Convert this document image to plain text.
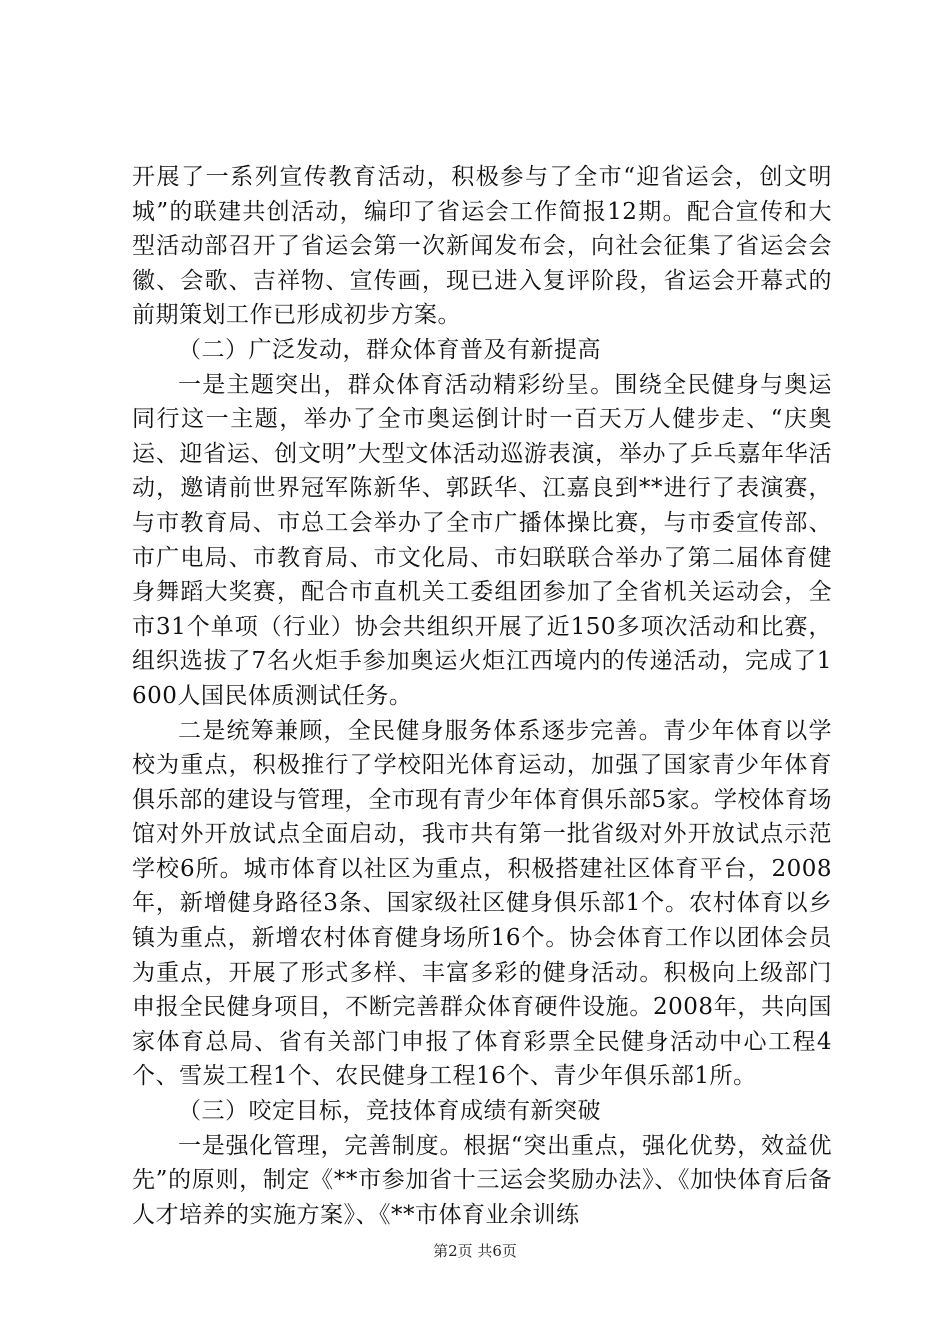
开展了一系列宣传教育活动，积极参与了全市“迎省运会，创文明城”的联建共创活动，编印了省运会工作简报12期。配合宣传和大型活动部召开了省运会第一次新闻发布会，向社会征集了省运会会徽、会歌、吉祥物、宣传画，现已进入复评阶段，省运会开幕式的前期策划工作已形成初步方案。

（二）广泛发动，群众体育普及有新提高

一是主题突出，群众体育活动精彩纷呈。围绕全民健身与奥运同行这一主题，举办了全市奥运倒计时一百天万人健步走、“庆奥运、迎省运、创文明”大型文体活动巡游表演，举办了乒乓嘉年华活动，邀请前世界冠军陈新华、郭跃华、江嘉良到**进行了表演赛，与市教育局、市总工会举办了全市广播体操比赛，与市委宣传部、市广电局、市教育局、市文化局、市妇联联合举办了第二届体育健身舞蹈大奖赛，配合市直机关工委组团参加了全省机关运动会，全市31个单项（行业）协会共组织开展了近150多项次活动和比赛，组织选拔了7名火炬手参加奥运火炬江西境内的传递活动，完成了1600人国民体质测试任务。

二是统筹兼顾，全民健身服务体系逐步完善。青少年体育以学校为重点，积极推行了学校阳光体育运动，加强了国家青少年体育俱乐部的建设与管理，全市现有青少年体育俱乐部5家。学校体育场馆对外开放试点全面启动，我市共有第一批省级对外开放试点示范学校6所。城市体育以社区为重点，积极搭建社区体育平台，2008年，新增健身路径3条、国家级社区健身俱乐部1个。农村体育以乡镇为重点，新增农村体育健身场所16个。协会体育工作以团体会员为重点，开展了形式多样、丰富多彩的健身活动。积极向上级部门申报全民健身项目，不断完善群众体育硬件设施。2008年，共向国家体育总局、省有关部门申报了体育彩票全民健身活动中心工程4个、雪炭工程1个、农民健身工程16个、青少年俱乐部1所。

（三）咬定目标，竞技体育成绩有新突破

一是强化管理，完善制度。根据“突出重点，强化优势，效益优先”的原则，制定《**市参加省十三运会奖励办法》、《加快体育后备人才培养的实施方案》、《**市体育业余训练

第2页 共6页
